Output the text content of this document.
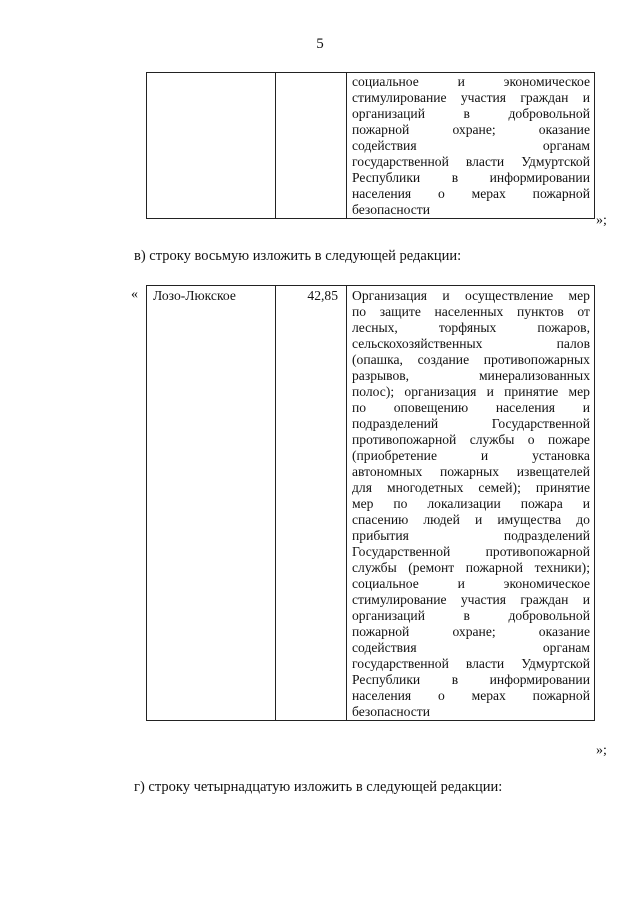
5

социальное	и	экономическое
стимулирование участия граждан и
организаций	в	добровольной
пожарной	охране;	оказание
содействия	органам
государственной власти Удмуртской
Республики в информировании
населения о мерах пожарной
безопасности
»;
в) строку восьмую изложить в следующей редакции:
«	Лозо-Люкское	42,85	Организация и осуществление мер
по защите населенных пунктов от
лесных,	торфяных	пожаров,
сельскохозяйственных	палов
(опашка, создание противопожарных
разрывов,	минерализованных
полос); организация и принятие мер
по оповещению населения и
подразделений	Государственной
противопожарной службы о пожаре
(приобретение	и	установка
автономных пожарных извещателей
для многодетных семей); принятие
мер по локализации пожара и
спасению людей и имущества до
прибытия	подразделений
Государственной	противопожарной
службы (ремонт пожарной техники);
социальное	и	экономическое
стимулирование участия граждан и
организаций	в	добровольной
пожарной	охране;	оказание
содействия	органам
государственной власти Удмуртской
Республики в информировании
населения о мерах пожарной
безопасности
»;
г) строку четырнадцатую изложить в следующей редакции:
